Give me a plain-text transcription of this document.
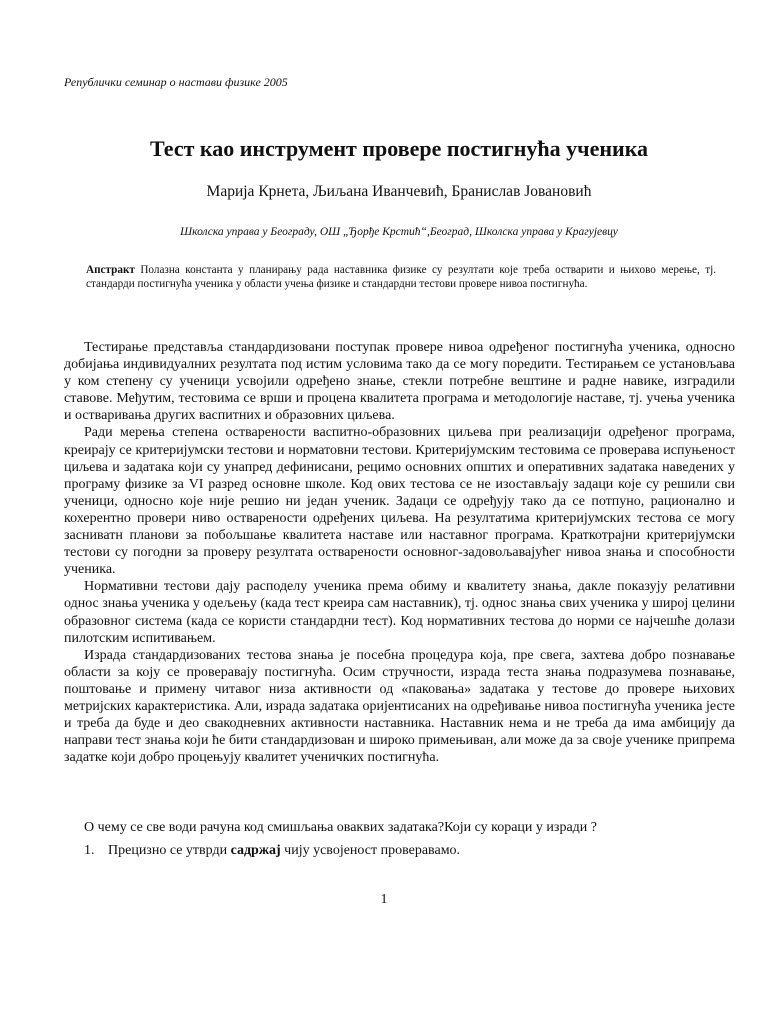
Републички семинар о настави физике 2005
Тест као инструмент провере постигнућа ученика
Марија Крнета, Љиљана Иванчевић, Бранислав Јовановић
Школска управа у Београду, ОШ „Ђорђе Крстић“,Београд, Школска управа у Крагујевцу
Апстракт Полазна константа у планирању рада наставника физике су резултати које треба остварити и њихово мерење, тј. стандарди постигнућа ученика у области учења физике и стандардни тестови провере нивоа постигнућа.

Тестирање представља стандардизовани поступак провере нивоа одређеног постигнућа ученика, односно добијања индивидуалних резултата под истим условима тако да се могу поредити. Тестирањем се установљава у ком степену су ученици усвојили одређено знање, стекли потребне вештине и радне навике, изградили ставове. Међутим, тестовима се врши и процена квалитета програма и методологије наставе, тј. учења ученика и остваривања других васпитних и образовних циљева.

Ради мерења степена остварености васпитно-образовних циљева при реализацији одређеног програма, креирају се критеријумски тестови и норматовни тестови. Критеријумским тестовима се проверава испуњеност циљева и задатака који су унапред дефинисани, рецимо основних општих и оперативних задатака наведених у програму физике за VI разред основне школе. Код ових тестова се не изостављају задаци које су решили сви ученици, односно које није решио ни један ученик. Задаци се одређују тако да се потпуно, рационално и кохерентно провери ниво остварености одређених циљева. На резултатима критеријумских тестова се могу засниватн планови за побољшање квалитета наставе или наставног програма. Краткотрајни критеријумски тестови су погодни за проверу резултата остварености основног-задовољавајућег нивоа знања и способности ученика.

Нормативни тестови дају расподелу ученика према обиму и квалитету знања, дакле показују релативни однос знања ученика у одељењу (када тест креира сам наставник), тј. однос знања свих ученика у широј целини образовног система (када се користи стандардни тест). Код нормативних тестова до норми се најчешће долази пилотским испитивањем.

Израда стандардизованих тестова знања је посебна процедура која, пре свега, захтева добро познавање области за коју се проверавају постигнућа. Осим стручности, израда теста знања подразумева познавање, поштовање и примену читавог низа активности од «паковања» задатака у тестове до провере њихових метријских карактеристика. Али, израда задатака оријентисаних на одређивање нивоа постигнућа ученика јесте и треба да буде и део свакодневних активности наставника. Наставник нема и не треба да има амбицију да направи тест знања који ће бити стандардизован и широко примењиван, али може да за своје ученике припрема задатке који добро процењују квалитет ученичких постигнућа.

О чему се све води рачуна код смишљања оваквих задатака?Који су кораци у изради ?
1. Прецизно се утврди садржај чију усвојеност проверавамо.
1
